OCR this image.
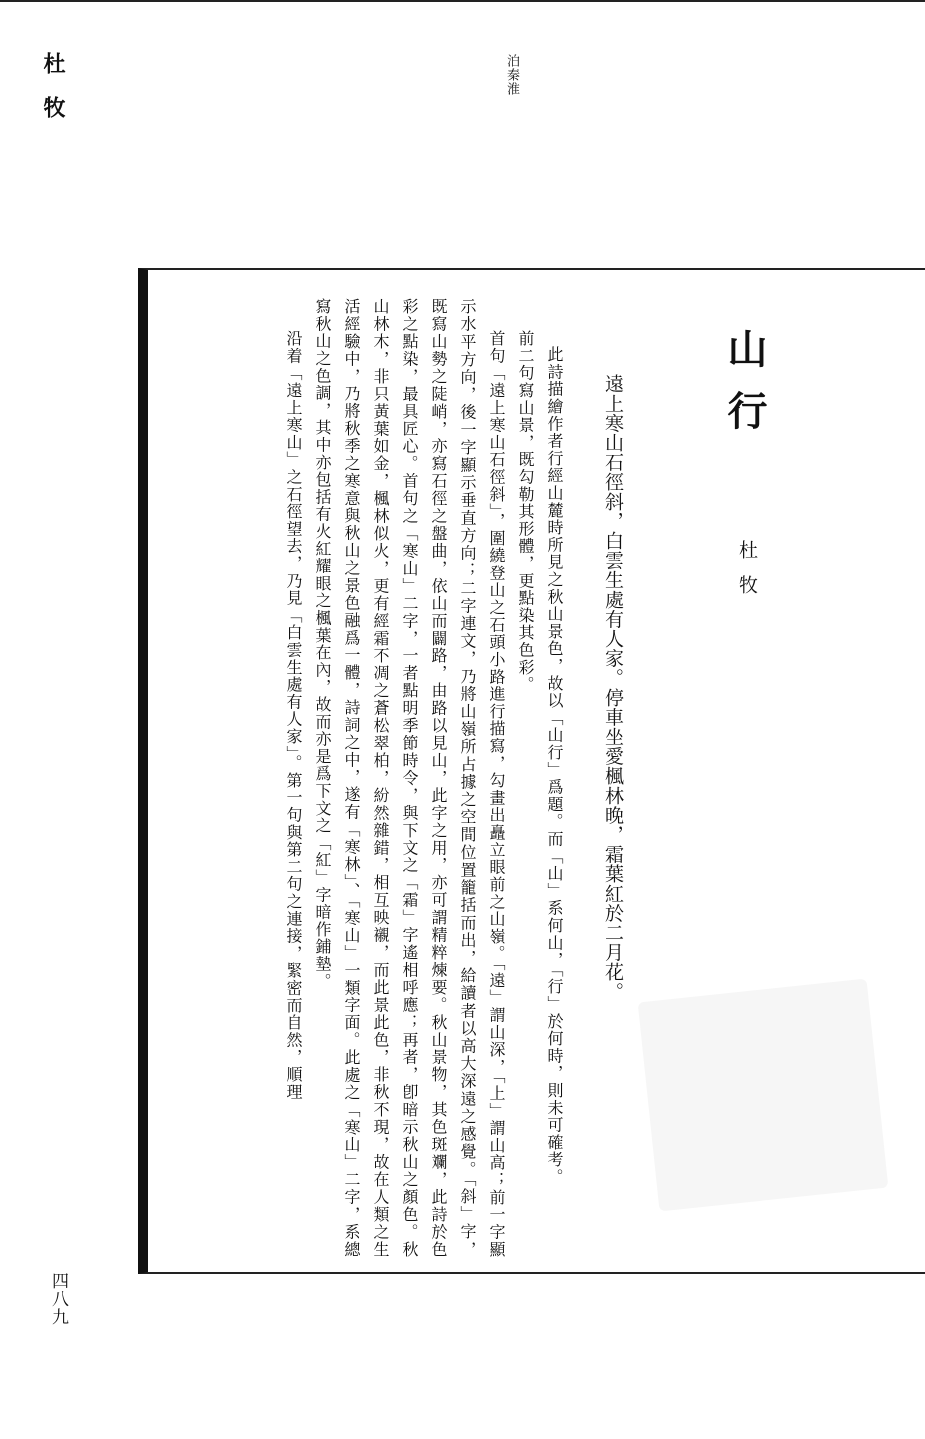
杜牧	泊秦淮

山行

杜牧

遠上寒山石徑斜，白雲生處有人家。停車坐愛楓林晚，霜葉紅於二月花。

此詩描繪作者行經山麓時所見之秋山景色，故以「山行」爲題。而「山」系何山，「行」於何時，則未可確考。

前二句寫山景，既勾勒其形體，更點染其色彩。

首句「遠上寒山石徑斜」，圍繞登山之石頭小路進行描寫，勾畫出矗立眼前之山嶺。「遠」謂山深，「上」謂山高；前一字顯示水平方向，後一字顯示垂直方向；二字連文，乃將山嶺所占據之空間位置籠括而出，給讀者以高大深遠之感覺。「斜」字，既寫山勢之陡峭，亦寫石徑之盤曲，依山而闢路，由路以見山，此字之用，亦可謂精粹煉要。秋山景物，其色斑斕，此詩於色彩之點染，最具匠心。首句之「寒山」二字，一者點明季節時令，與下文之「霜」字遙相呼應；再者，卽暗示秋山之顏色。秋山林木，非只黃葉如金，楓林似火，更有經霜不凋之蒼松翠柏，紛然雜錯，相互映襯，而此景此色，非秋不現，故在人類之生活經驗中，乃將秋季之寒意與秋山之景色融爲一體，詩詞之中，遂有「寒林」、「寒山」一類字面。此處之「寒山」二字，系總寫秋山之色調，其中亦包括有火紅耀眼之楓葉在內，故而亦是爲下文之「紅」字暗作鋪墊。

沿着「遠上寒山」之石徑望去，乃見「白雲生處有人家」。第一句與第二句之連接，緊密而自然，順理

四八九
